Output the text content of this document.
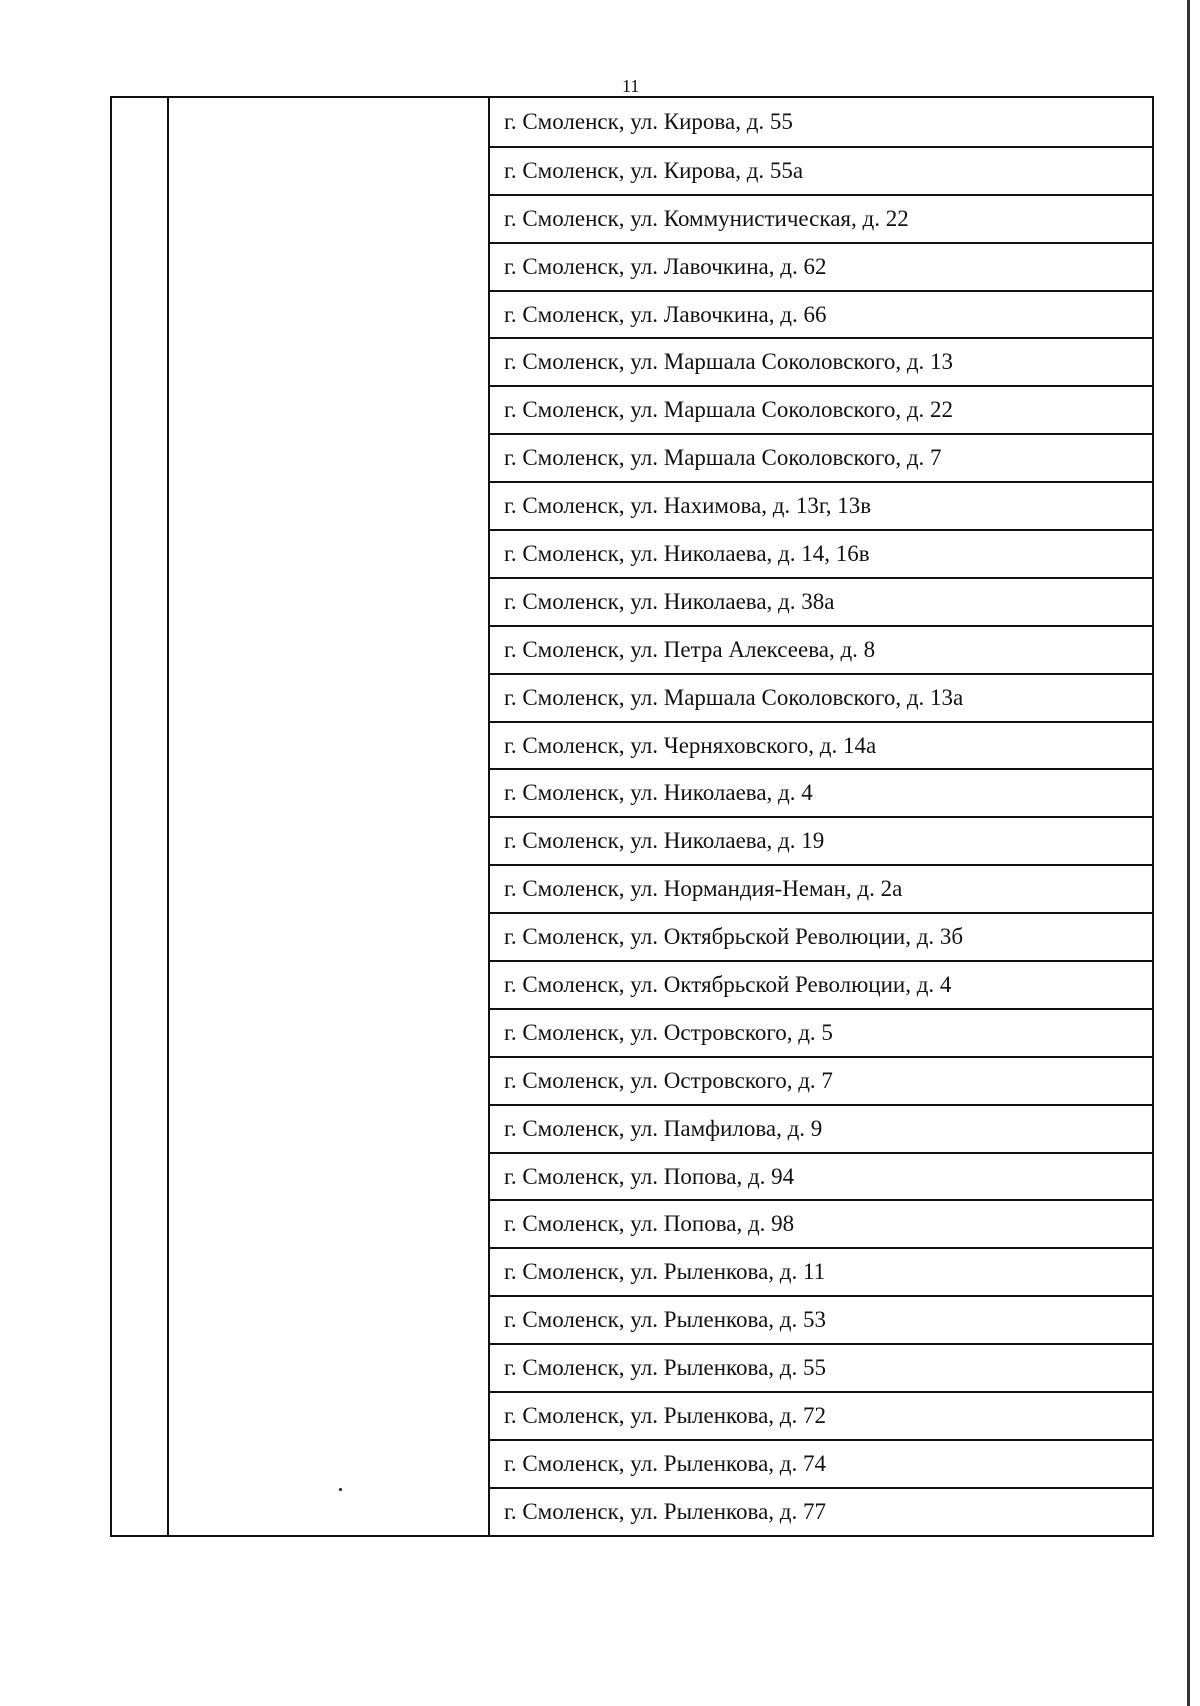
11
г. Смоленск, ул. Кирова, д. 55
г. Смоленск, ул. Кирова, д. 55а
г. Смоленск, ул. Коммунистическая, д. 22
г. Смоленск, ул. Лавочкина, д. 62
г. Смоленск, ул. Лавочкина, д. 66
г. Смоленск, ул. Маршала Соколовского, д. 13
г. Смоленск, ул. Маршала Соколовского, д. 22
г. Смоленск, ул. Маршала Соколовского, д. 7
г. Смоленск, ул. Нахимова, д. 13г, 13в
г. Смоленск, ул. Николаева, д. 14, 16в
г. Смоленск, ул. Николаева, д. 38а
г. Смоленск, ул. Петра Алексеева, д. 8
г. Смоленск, ул. Маршала Соколовского, д. 13а
г. Смоленск, ул. Черняховского, д. 14а
г. Смоленск, ул. Николаева, д. 4
г. Смоленск, ул. Николаева, д. 19
г. Смоленск, ул. Нормандия-Неман, д. 2а
г. Смоленск, ул. Октябрьской Революции, д. 3б
г. Смоленск, ул. Октябрьской Революции, д. 4
г. Смоленск, ул. Островского, д. 5
г. Смоленск, ул. Островского, д. 7
г. Смоленск, ул. Памфилова, д. 9
г. Смоленск, ул. Попова, д. 94
г. Смоленск, ул. Попова, д. 98
г. Смоленск, ул. Рыленкова, д. 11
г. Смоленск, ул. Рыленкова, д. 53
г. Смоленск, ул. Рыленкова, д. 55
г. Смоленск, ул. Рыленкова, д. 72
г. Смоленск, ул. Рыленкова, д. 74
г. Смоленск, ул. Рыленкова, д. 77
